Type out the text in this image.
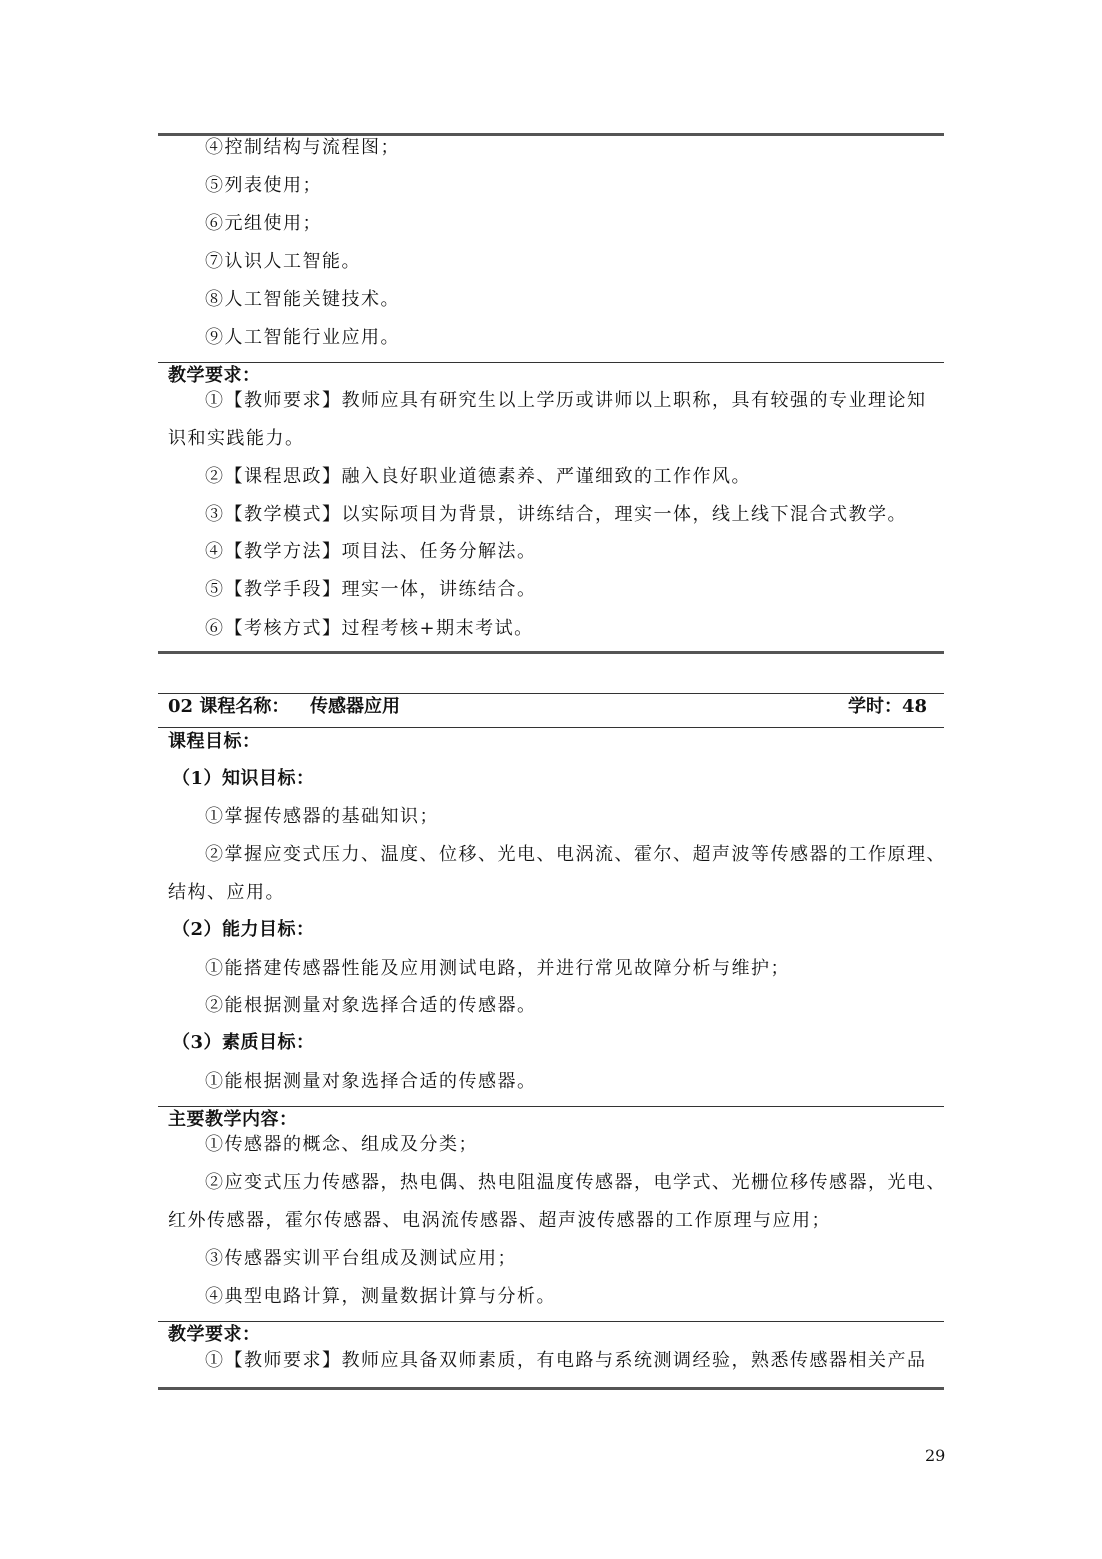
④控制结构与流程图；
⑤列表使用；
⑥元组使用；
⑦认识人工智能。
⑧人工智能关键技术。
⑨人工智能行业应用。
教学要求：
①【教师要求】教师应具有研究生以上学历或讲师以上职称，具有较强的专业理论知
识和实践能力。
②【课程思政】融入良好职业道德素养、严谨细致的工作作风。
③【教学模式】以实际项目为背景，讲练结合，理实一体，线上线下混合式教学。
④【教学方法】项目法、任务分解法。
⑤【教学手段】理实一体，讲练结合。
⑥【考核方式】过程考核+期末考试。
02 课程名称： 传感器应用	学时：48
课程目标：
（1）知识目标：
①掌握传感器的基础知识；
②掌握应变式压力、温度、位移、光电、电涡流、霍尔、超声波等传感器的工作原理、
结构、应用。
（2）能力目标：
①能搭建传感器性能及应用测试电路，并进行常见故障分析与维护；
②能根据测量对象选择合适的传感器。
（3）素质目标：
①能根据测量对象选择合适的传感器。
主要教学内容：
①传感器的概念、组成及分类；
②应变式压力传感器，热电偶、热电阻温度传感器，电学式、光栅位移传感器，光电、
红外传感器，霍尔传感器、电涡流传感器、超声波传感器的工作原理与应用；
③传感器实训平台组成及测试应用；
④典型电路计算，测量数据计算与分析。
教学要求：
①【教师要求】教师应具备双师素质，有电路与系统测调经验，熟悉传感器相关产品
29
